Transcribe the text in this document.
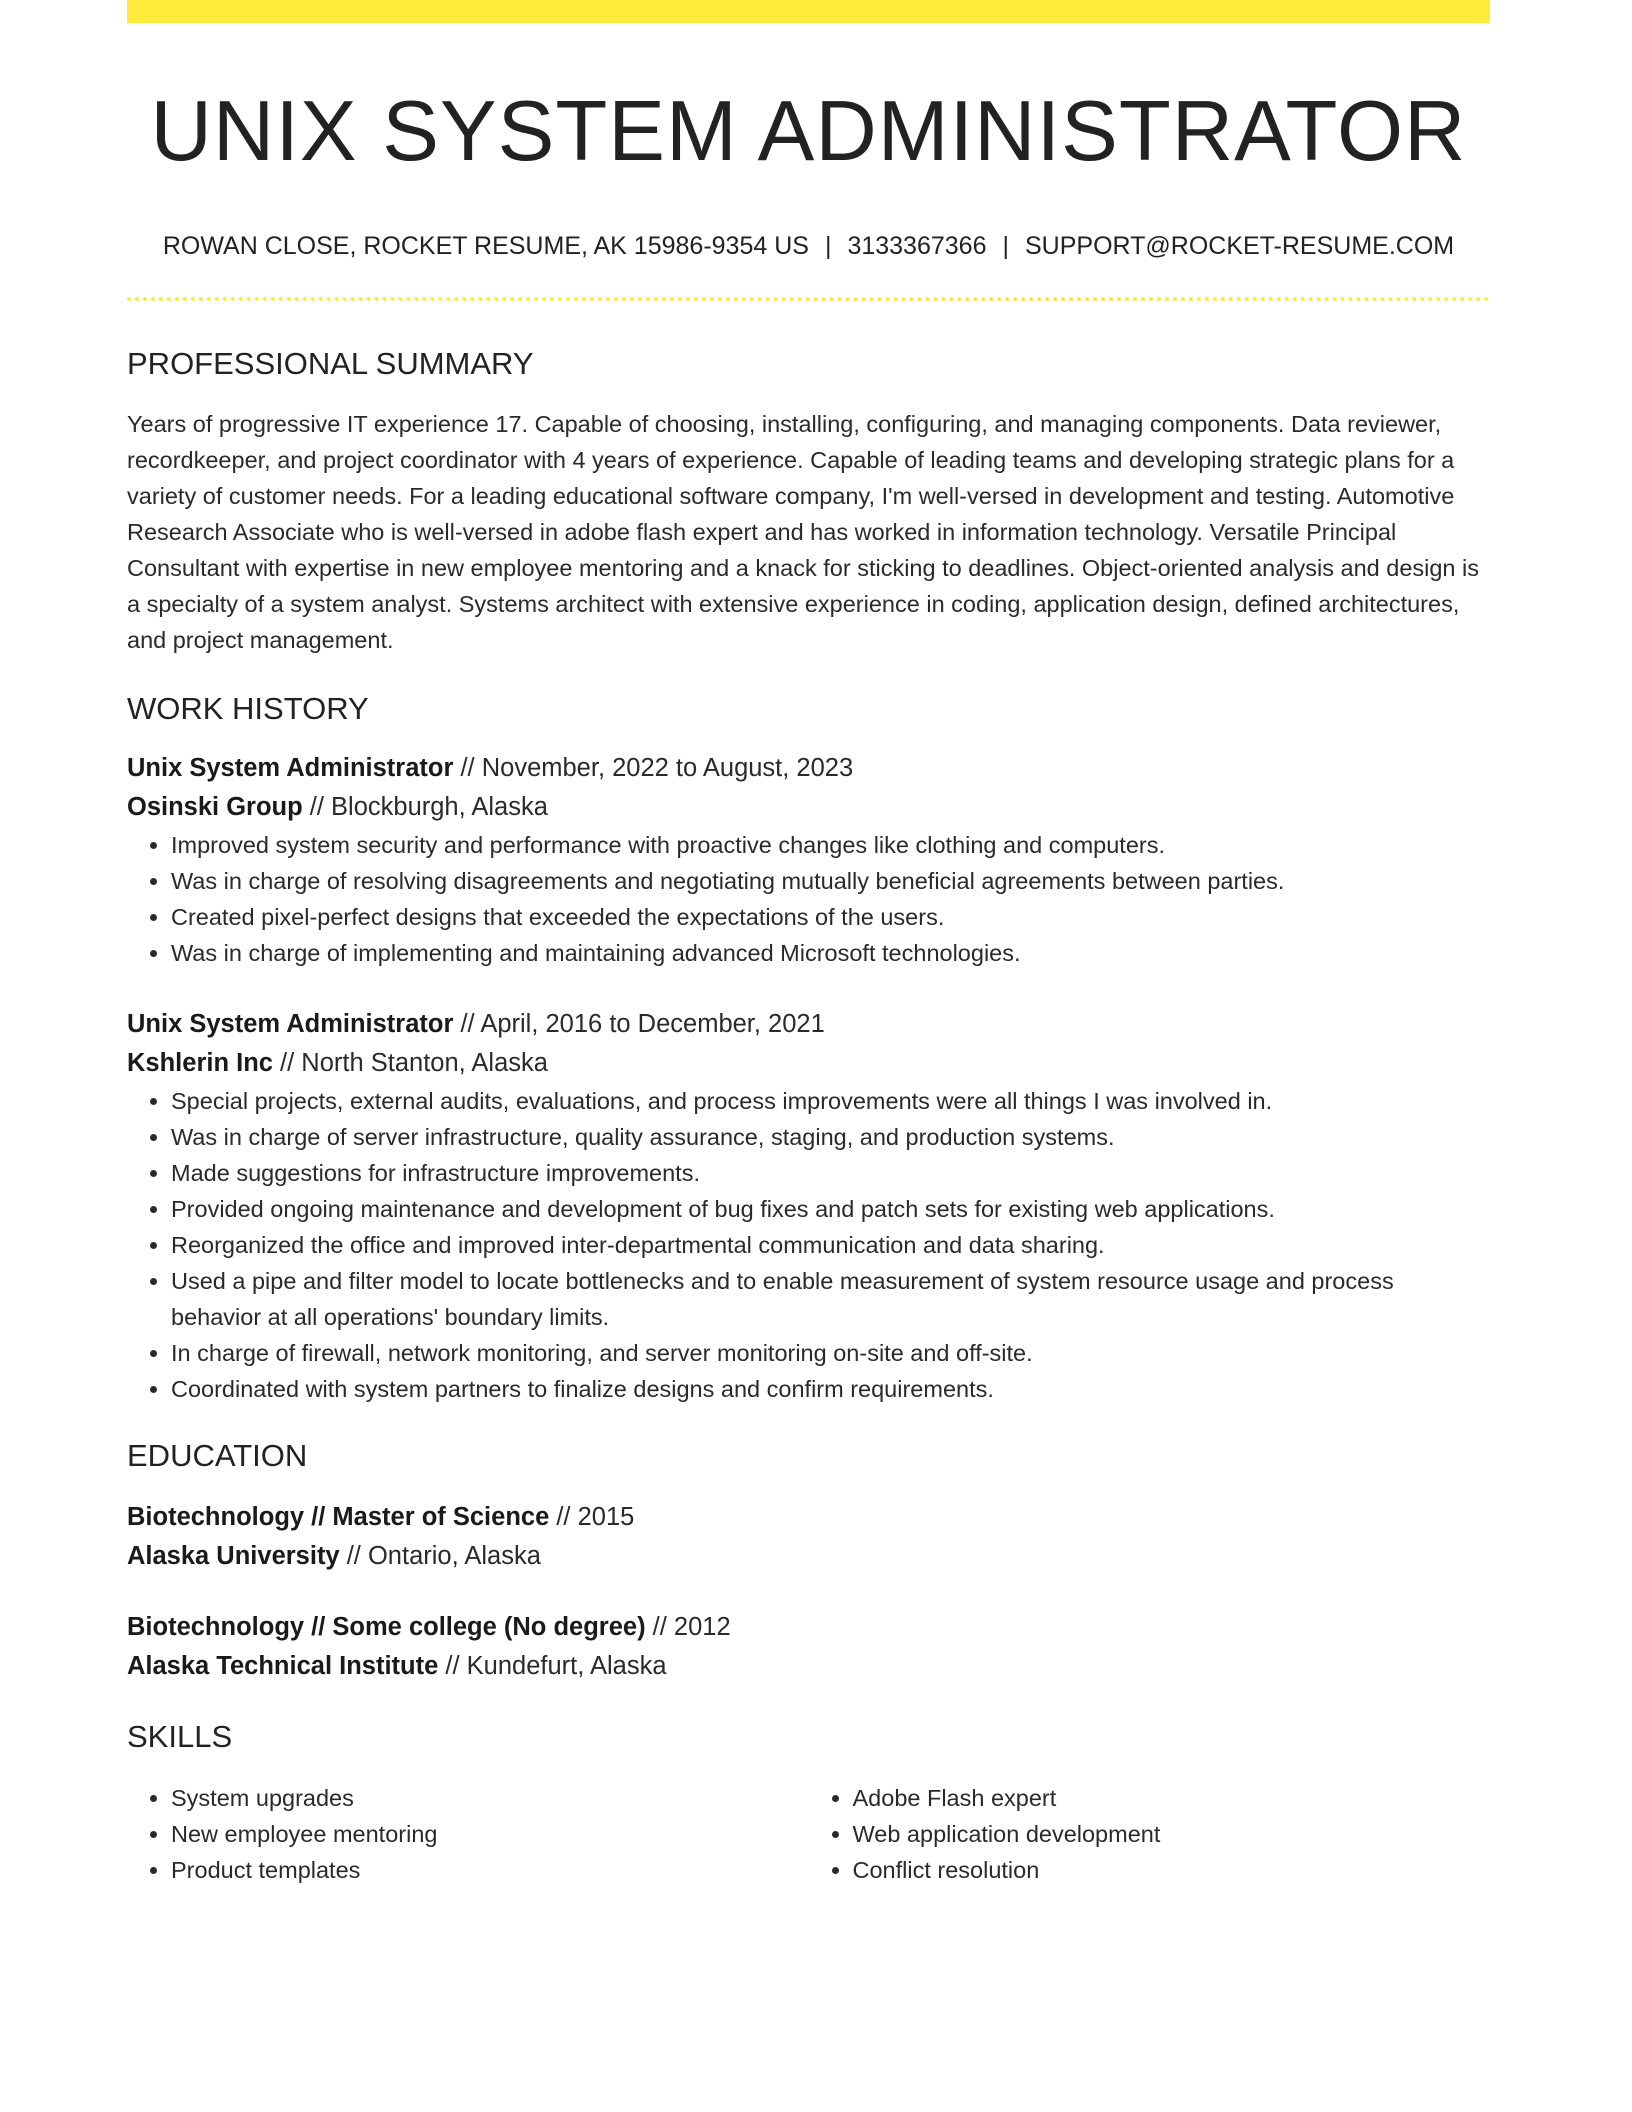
UNIX SYSTEM ADMINISTRATOR
ROWAN CLOSE, ROCKET RESUME, AK 15986-9354 US | 3133367366 | SUPPORT@ROCKET-RESUME.COM
PROFESSIONAL SUMMARY
Years of progressive IT experience 17. Capable of choosing, installing, configuring, and managing components. Data reviewer, recordkeeper, and project coordinator with 4 years of experience. Capable of leading teams and developing strategic plans for a variety of customer needs. For a leading educational software company, I'm well-versed in development and testing. Automotive Research Associate who is well-versed in adobe flash expert and has worked in information technology. Versatile Principal Consultant with expertise in new employee mentoring and a knack for sticking to deadlines. Object-oriented analysis and design is a specialty of a system analyst. Systems architect with extensive experience in coding, application design, defined architectures, and project management.
WORK HISTORY
Unix System Administrator // November, 2022 to August, 2023
Osinski Group // Blockburgh, Alaska
• Improved system security and performance with proactive changes like clothing and computers.
• Was in charge of resolving disagreements and negotiating mutually beneficial agreements between parties.
• Created pixel-perfect designs that exceeded the expectations of the users.
• Was in charge of implementing and maintaining advanced Microsoft technologies.
Unix System Administrator // April, 2016 to December, 2021
Kshlerin Inc // North Stanton, Alaska
• Special projects, external audits, evaluations, and process improvements were all things I was involved in.
• Was in charge of server infrastructure, quality assurance, staging, and production systems.
• Made suggestions for infrastructure improvements.
• Provided ongoing maintenance and development of bug fixes and patch sets for existing web applications.
• Reorganized the office and improved inter-departmental communication and data sharing.
• Used a pipe and filter model to locate bottlenecks and to enable measurement of system resource usage and process behavior at all operations' boundary limits.
• In charge of firewall, network monitoring, and server monitoring on-site and off-site.
• Coordinated with system partners to finalize designs and confirm requirements.
EDUCATION
Biotechnology // Master of Science // 2015
Alaska University // Ontario, Alaska
Biotechnology // Some college (No degree) // 2012
Alaska Technical Institute // Kundefurt, Alaska
SKILLS
• System upgrades
• New employee mentoring
• Product templates
• Adobe Flash expert
• Web application development
• Conflict resolution
